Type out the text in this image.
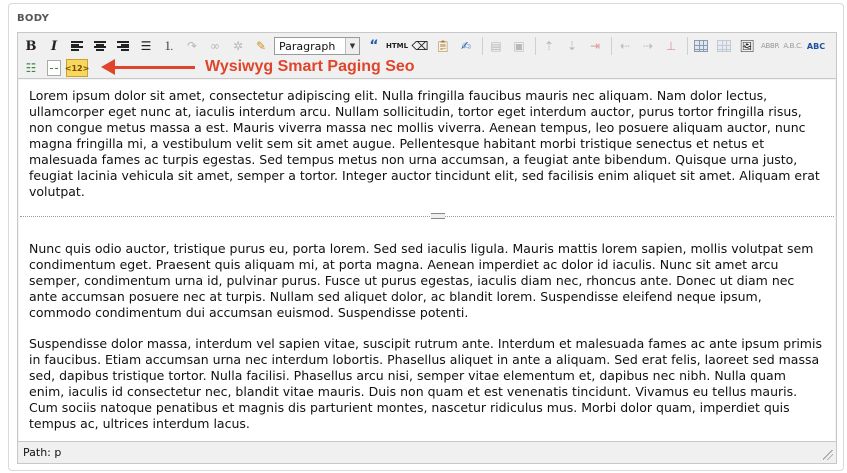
BODY
B	I	☰ ⒈ ↷ ∞ ✲ ✎ Paragraph	▼ “ HTML ⌫ 📋︎ ✍ ▤ ▣ ⇡ ⇣ ⇥ ⇠ ⇢ ⊥	🖼︎ ABBR A.B.C. ABC
☷	<12>

Lorem ipsum dolor sit amet, consectetur adipiscing elit. Nulla fringilla faucibus mauris nec aliquam. Nam dolor lectus, ullamcorper eget nunc at, iaculis interdum arcu. Nullam sollicitudin, tortor eget interdum auctor, purus tortor fringilla risus, non congue metus massa a est. Mauris viverra massa nec mollis viverra. Aenean tempus, leo posuere aliquam auctor, nunc magna fringilla mi, a vestibulum velit sem sit amet augue. Pellentesque habitant morbi tristique senectus et netus et malesuada fames ac turpis egestas. Sed tempus metus non urna accumsan, a feugiat ante bibendum. Quisque urna justo, feugiat lacinia vehicula sit amet, semper a tortor. Integer auctor tincidunt elit, sed facilisis enim aliquet sit amet. Aliquam erat volutpat.

Nunc quis odio auctor, tristique purus eu, porta lorem. Sed sed iaculis ligula. Mauris mattis lorem sapien, mollis volutpat sem condimentum eget. Praesent quis aliquam mi, at porta magna. Aenean imperdiet ac dolor id iaculis. Nunc sit amet arcu semper, condimentum urna id, pulvinar purus. Fusce ut purus egestas, iaculis diam nec, rhoncus ante. Donec ut diam nec ante accumsan posuere nec at turpis. Nullam sed aliquet dolor, ac blandit lorem. Suspendisse eleifend neque ipsum, commodo condimentum dui accumsan euismod. Suspendisse potenti.

Suspendisse dolor massa, interdum vel sapien vitae, suscipit rutrum ante. Interdum et malesuada fames ac ante ipsum primis in faucibus. Etiam accumsan urna nec interdum lobortis. Phasellus aliquet in ante a aliquam. Sed erat felis, laoreet sed massa sed, dapibus tristique tortor. Nulla facilisi. Phasellus arcu nisi, semper vitae elementum et, dapibus nec nibh. Nulla quam enim, iaculis id consectetur nec, blandit vitae mauris. Duis non quam et est venenatis tincidunt. Vivamus eu tellus mauris. Cum sociis natoque penatibus et magnis dis parturient montes, nascetur ridiculus mus. Morbi dolor quam, imperdiet quis tempus ac, ultrices interdum lacus.

Path: p
Wysiwyg Smart Paging Seo
